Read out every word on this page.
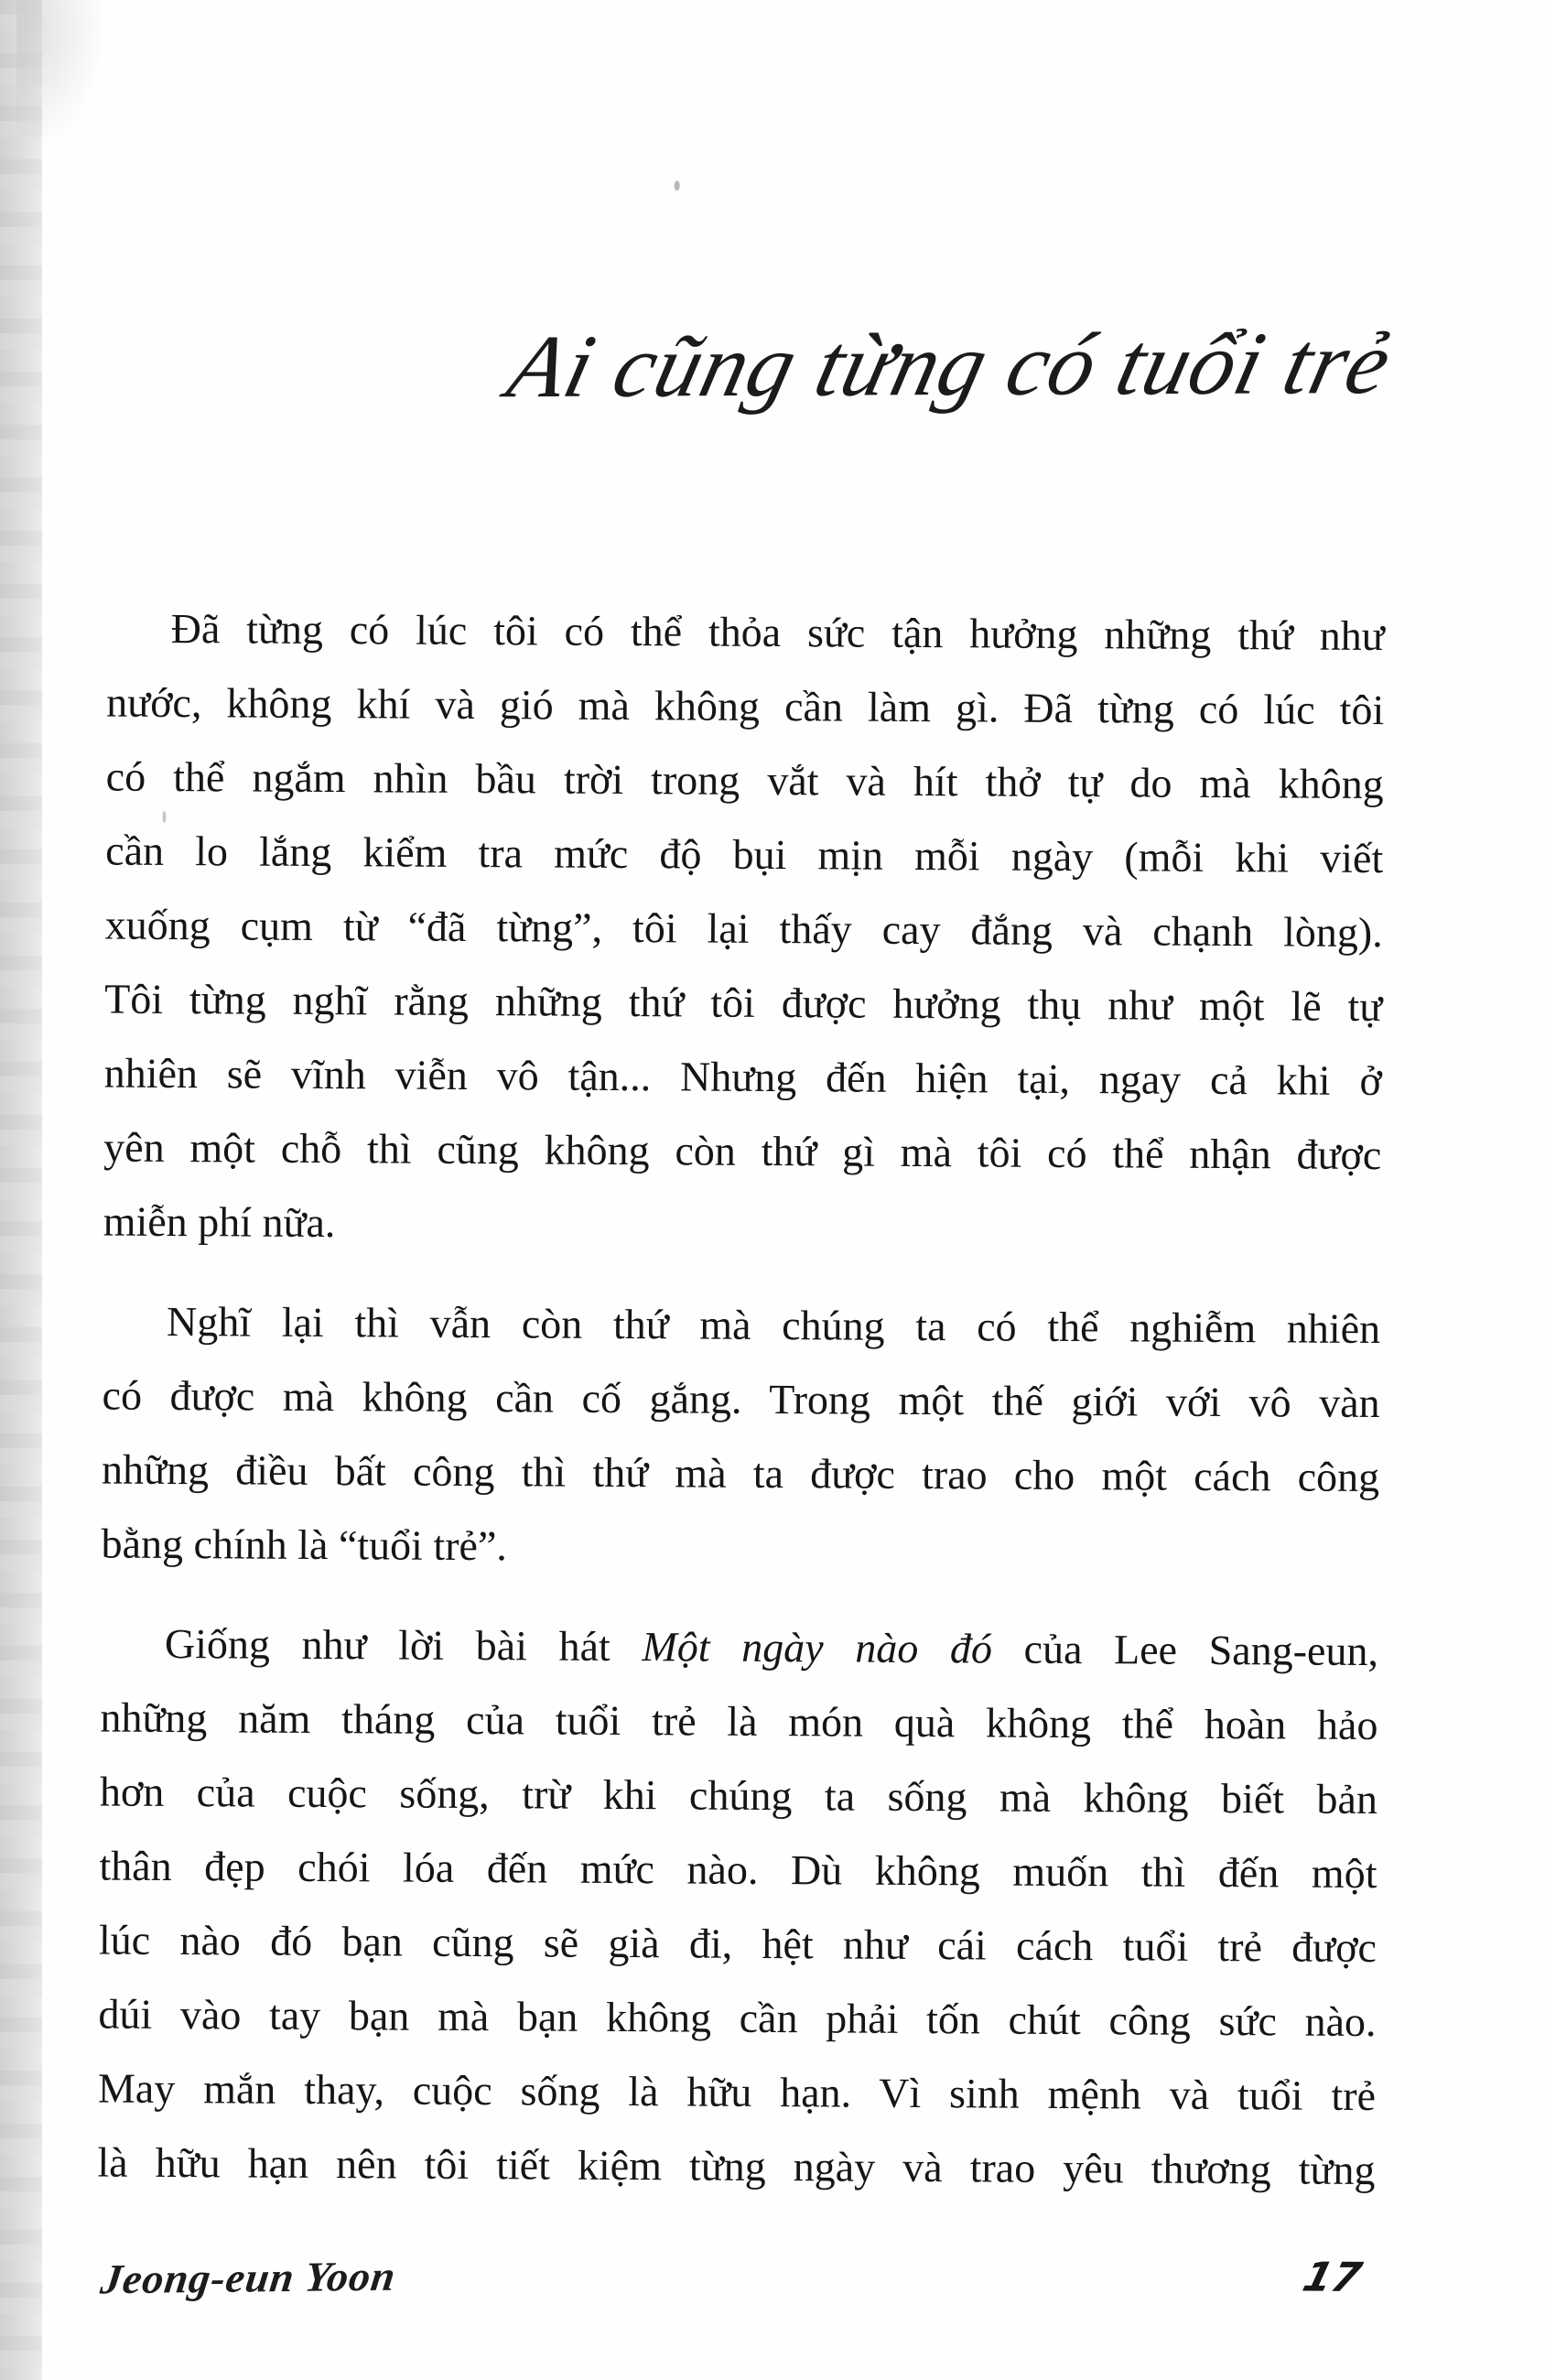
Ai cũng từng có tuổi trẻ
Đã từng có lúc tôi có thể thỏa sức tận hưởng những thứ như
nước, không khí và gió mà không cần làm gì. Đã từng có lúc tôi
có thể ngắm nhìn bầu trời trong vắt và hít thở tự do mà không
cần lo lắng kiểm tra mức độ bụi mịn mỗi ngày (mỗi khi viết
xuống cụm từ “đã từng”, tôi lại thấy cay đắng và chạnh lòng).
Tôi từng nghĩ rằng những thứ tôi được hưởng thụ như một lẽ tự
nhiên sẽ vĩnh viễn vô tận... Nhưng đến hiện tại, ngay cả khi ở
yên một chỗ thì cũng không còn thứ gì mà tôi có thể nhận được
miễn phí nữa.
Nghĩ lại thì vẫn còn thứ mà chúng ta có thể nghiễm nhiên
có được mà không cần cố gắng. Trong một thế giới với vô vàn
những điều bất công thì thứ mà ta được trao cho một cách công
bằng chính là “tuổi trẻ”.
Giống như lời bài hát Một ngày nào đó của Lee Sang-eun,
những năm tháng của tuổi trẻ là món quà không thể hoàn hảo
hơn của cuộc sống, trừ khi chúng ta sống mà không biết bản
thân đẹp chói lóa đến mức nào. Dù không muốn thì đến một
lúc nào đó bạn cũng sẽ già đi, hệt như cái cách tuổi trẻ được
dúi vào tay bạn mà bạn không cần phải tốn chút công sức nào.
May mắn thay, cuộc sống là hữu hạn. Vì sinh mệnh và tuổi trẻ
là hữu hạn nên tôi tiết kiệm từng ngày và trao yêu thương từng
Jeong-eun Yoon	17
